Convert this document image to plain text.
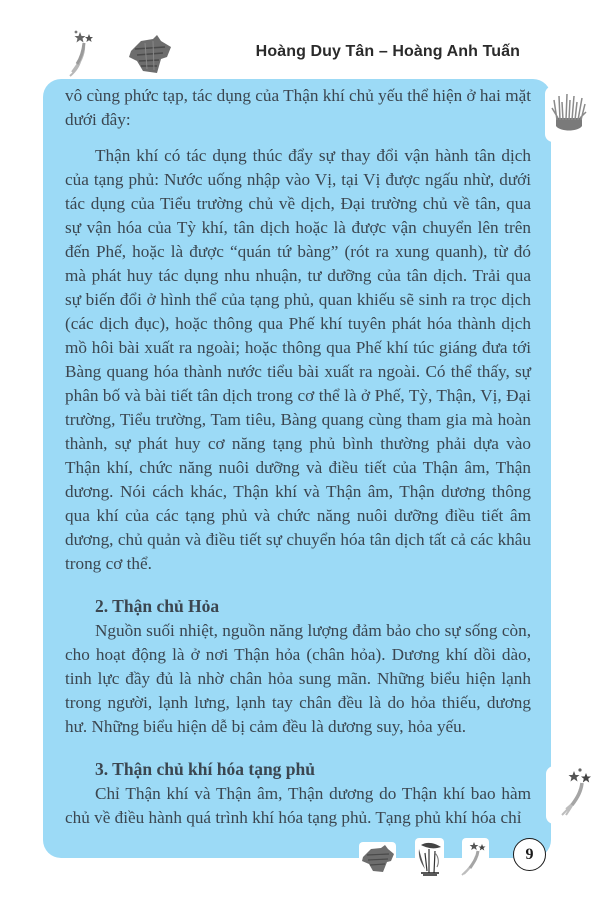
Hoàng Duy Tân – Hoàng Anh Tuấn

vô cùng phức tạp, tác dụng của Thận khí chủ yếu thể hiện ở hai mặt dưới đây:

Thận khí có tác dụng thúc đẩy sự thay đổi vận hành tân dịch của tạng phủ: Nước uống nhập vào Vị, tại Vị được ngấu nhừ, dưới tác dụng của Tiểu trường chủ về dịch, Đại trường chủ về tân, qua sự vận hóa của Tỳ khí, tân dịch hoặc là được vận chuyển lên trên đến Phế, hoặc là được “quán tứ bàng” (rót ra xung quanh), từ đó mà phát huy tác dụng nhu nhuận, tư dưỡng của tân dịch. Trải qua sự biến đổi ở hình thể của tạng phủ, quan khiếu sẽ sinh ra trọc dịch (các dịch đục), hoặc thông qua Phế khí tuyên phát hóa thành dịch mồ hôi bài xuất ra ngoài; hoặc thông qua Phế khí túc giáng đưa tới Bàng quang hóa thành nước tiểu bài xuất ra ngoài. Có thể thấy, sự phân bố và bài tiết tân dịch trong cơ thể là ở Phế, Tỳ, Thận, Vị, Đại trường, Tiểu trường, Tam tiêu, Bàng quang cùng tham gia mà hoàn thành, sự phát huy cơ năng tạng phủ bình thường phải dựa vào Thận khí, chức năng nuôi dưỡng và điều tiết của Thận âm, Thận dương. Nói cách khác, Thận khí và Thận âm, Thận dương thông qua khí của các tạng phủ và chức năng nuôi dưỡng điều tiết âm dương, chủ quản và điều tiết sự chuyển hóa tân dịch tất cả các khâu trong cơ thể.

2. Thận chủ Hỏa

Nguồn suối nhiệt, nguồn năng lượng đảm bảo cho sự sống còn, cho hoạt động là ở nơi Thận hỏa (chân hỏa). Dương khí dồi dào, tinh lực đầy đủ là nhờ chân hỏa sung mãn. Những biểu hiện lạnh trong người, lạnh lưng, lạnh tay chân đều là do hỏa thiếu, dương hư. Những biểu hiện dễ bị cảm đều là dương suy, hỏa yếu.

3. Thận chủ khí hóa tạng phủ

Chỉ Thận khí và Thận âm, Thận dương do Thận khí bao hàm chủ về điều hành quá trình khí hóa tạng phủ. Tạng phủ khí hóa chỉ

9
